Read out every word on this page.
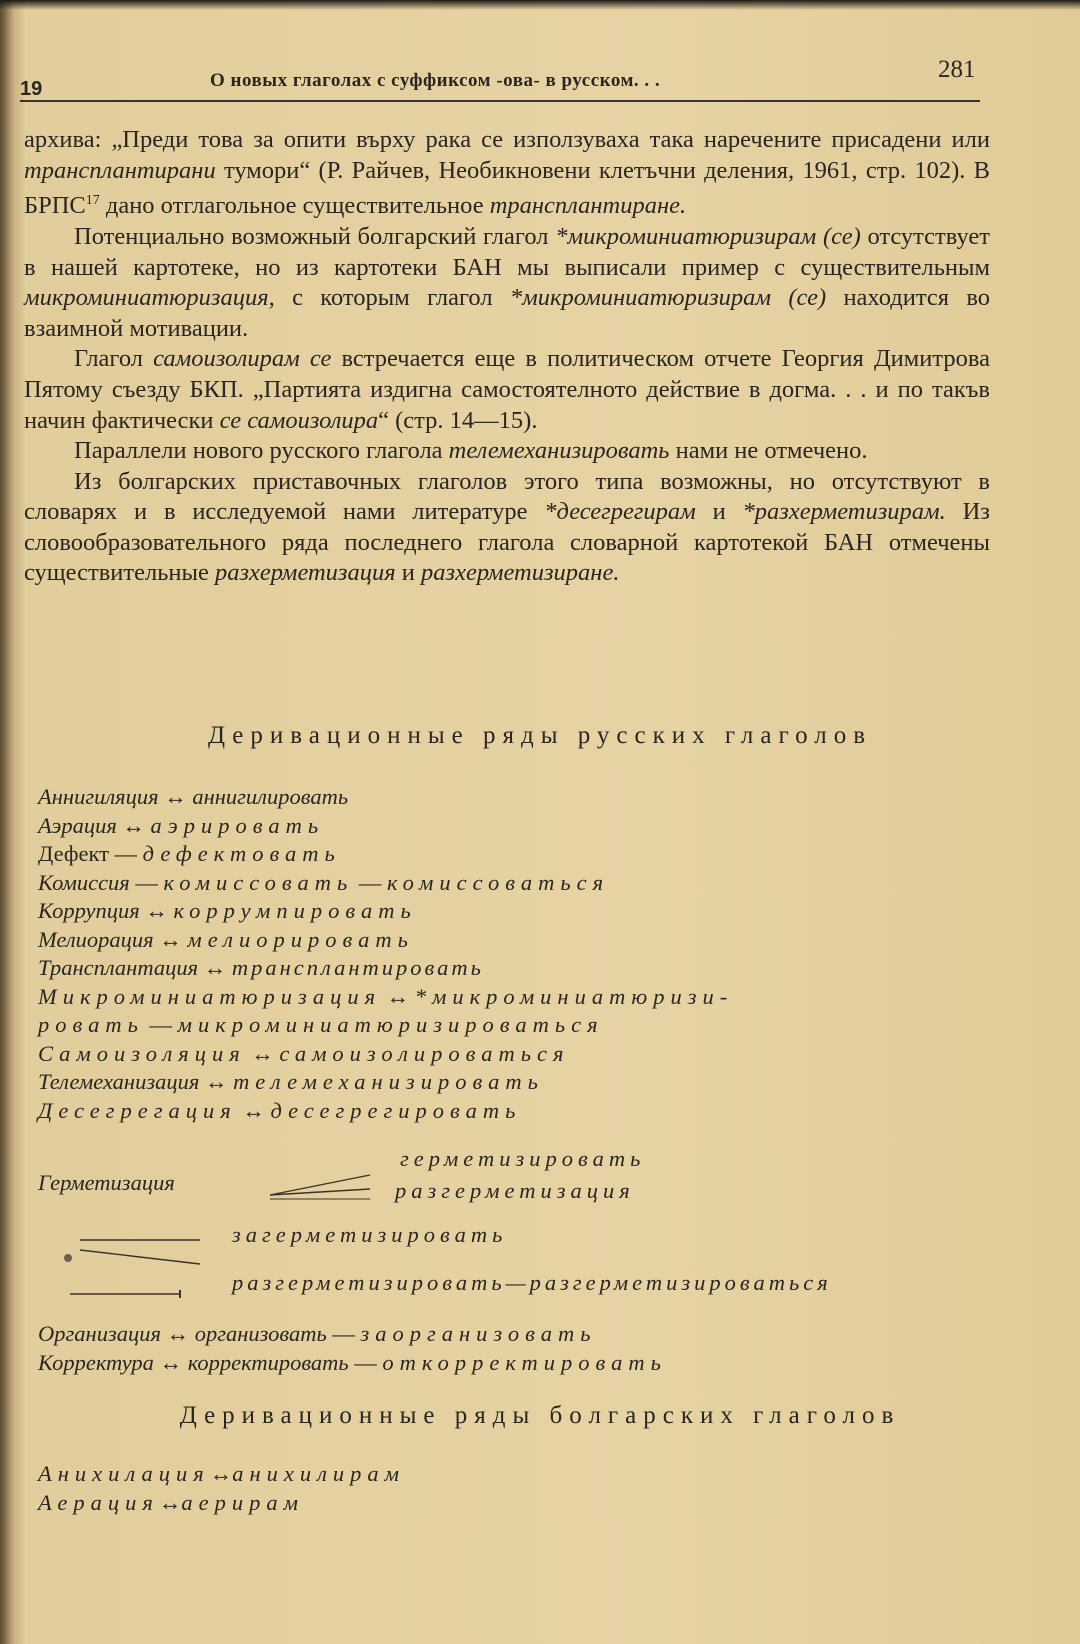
19	О новых глаголах с суффиксом -ова- в русском. . .	281

архива: „Преди това за опити върху рака се използуваха така наречените присадени или трансплантирани тумори“ (Р. Райчев, Необикновени клетъчни деления, 1961, стр. 102). В БРПС$^{17}$ дано отглагольное существительное трансплантиране.

Потенциально возможный болгарский глагол *микроминиатюризирам (се) отсутствует в нашей картотеке, но из картотеки БАН мы выписали пример с существительным микроминиатюризация, с которым глагол *микроминиатюризирам (се) находится во взаимной мотивации.

Глагол самоизолирам се встречается еще в политическом отчете Георгия Димитрова Пятому съезду БКП. „Партията издигна самостоятелното действие в догма. . . и по такъв начин фактически се самоизолира“ (стр. 14—15).

Параллели нового русского глагола телемеханизировать нами не отмечено.

Из болгарских приставочных глаголов этого типа возможны, но отсутствуют в словарях и в исследуемой нами литературе *десегрегирам и *разхерметизирам. Из словообразовательного ряда последнего глагола словарной картотекой БАН отмечены существительные разхерметизация и разхерметизиране.

Деривационные ряды русских глаголов
Аннигиляция ↔ аннигилировать
Аэрация ↔ аэрировать
Дефект — дефектовать
Комиссия — комиссовать — комиссоваться
Коррупция ↔ коррумпировать
Мелиорация ↔ мелиорировать
Трансплантация ↔ трансплантировать
Микроминиатюризация ↔ *микроминиатюризи-
ровать — микроминиатюризироваться
Самоизоляция ↔ самоизолироваться
Телемеханизация ↔ телемеханизировать
Десегрегация ↔ десегрегировать
герметизировать
Герметизация	разгерметизация
загерметизировать
разгерметизировать—разгерметизироваться
Организация ↔ организовать — заорганизовать
Корректура ↔ корректировать — откорректировать
Деривационные ряды болгарских глаголов
Анихилация↔анихилирам
Аерация↔аерирам
